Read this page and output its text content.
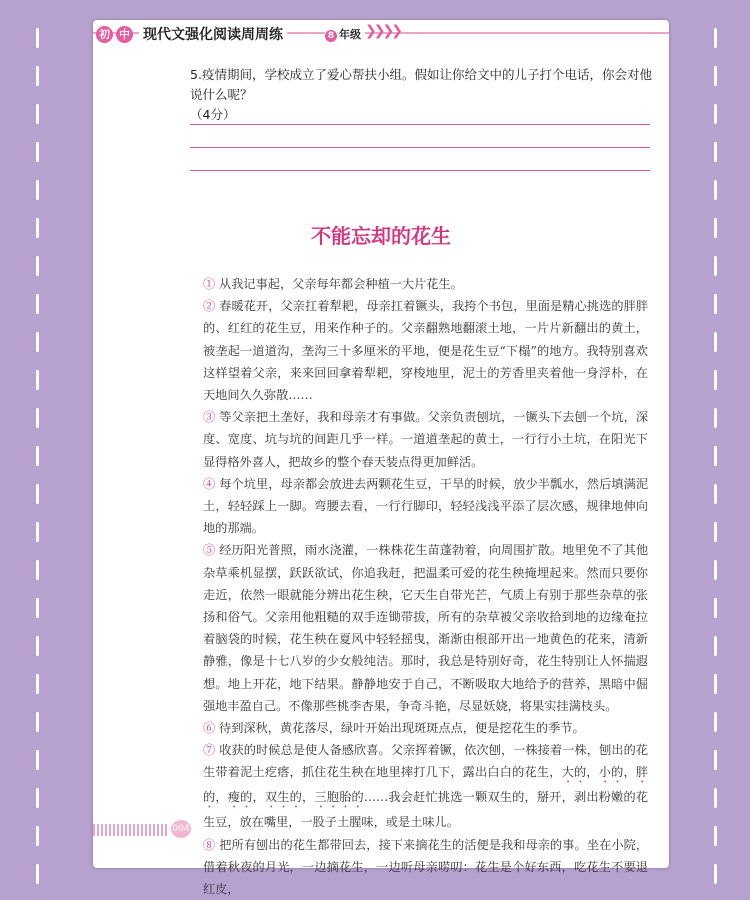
初 中 现代文强化阅读周周练	8 年级 ❯❯❯❯
5.疫情期间，学校成立了爱心帮扶小组。假如让你给文中的儿子打个电话，你会对他说什么呢？
（4分）
不能忘却的花生
① 从我记事起，父亲每年都会种植一大片花生。
② 春暖花开，父亲扛着犁耙，母亲扛着镢头，我挎个书包，里面是精心挑选的胖胖的、红红的花生豆，用来作种子的。父亲翻熟地翻滚土地，一片片新翻出的黄土，被垄起一道道沟，垄沟三十多厘米的平地，便是花生豆“下榻”的地方。我特别喜欢这样望着父亲，来来回回拿着犁耙，穿梭地里，泥土的芳香里夹着他一身浮朴，在天地间久久弥散……
③ 等父亲把土垄好，我和母亲才有事做。父亲负责刨坑，一镢头下去刨一个坑，深度、宽度、坑与坑的间距几乎一样。一道道垄起的黄土，一行行小土坑，在阳光下显得格外喜人，把故乡的整个春天装点得更加鲜活。
④ 每个坑里，母亲都会放进去两颗花生豆，干旱的时候，放少半瓢水，然后填满泥土，轻轻踩上一脚。弯腰去看，一行行脚印，轻轻浅浅平添了层次感，规律地伸向地的那端。
⑤ 经历阳光普照，雨水浇灌，一株株花生苗蓬勃着，向周围扩散。地里免不了其他杂草乘机显摆，跃跃欲试，你追我赶，把温柔可爱的花生秧掩埋起来。然而只要你走近，依然一眼就能分辨出花生秧，它天生自带光芒，气质上有别于那些杂草的张扬和俗气。父亲用他粗糙的双手连锄带拔，所有的杂草被父亲收拾到地的边缘奄拉着脑袋的时候，花生秧在夏风中轻轻摇曳，渐渐由根部开出一地黄色的花来，清新静雅，像是十七八岁的少女般纯洁。那时，我总是特别好奇，花生特别让人怀揣遐想。地上开花，地下结果。静静地安于自己，不断吸取大地给予的营养，黑暗中倔强地丰盈自己。不像那些桃李杏果，争奇斗艳，尽显妖娆，将果实挂满枝头。
⑥ 待到深秋，黄花落尽，绿叶开始出现斑斑点点，便是挖花生的季节。
⑦ 收获的时候总是使人备感欣喜。父亲挥着镢，依次刨，一株接着一株，刨出的花生带着泥土疙瘩，抓住花生秧在地里摔打几下，露出白白的花生，大的，小的，胖的，瘦的，双生的，三胞胎的……我会赶忙挑选一颗双生的，掰开，剥出粉嫩的花生豆，放在嘴里，一股子土腥味，或是土味儿。
⑧ 把所有刨出的花生都带回去，接下来摘花生的活便是我和母亲的事。坐在小院，借着秋夜的月光，一边摘花生，一边听母亲唠叨：花生是个好东西，吃花生不要退红皮，
004
